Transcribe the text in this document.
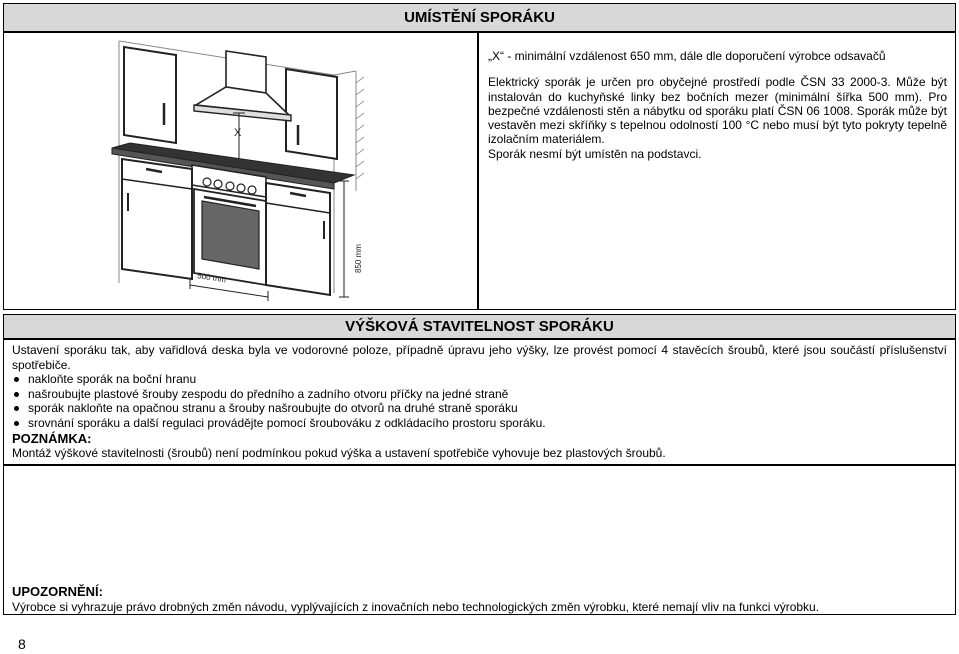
UMÍSTĚNÍ SPORÁKU
X
500 mm
850 mm

„X“ - minimální vzdálenost 650 mm, dále dle doporučení výrobce odsavačů

Elektrický sporák je určen pro obyčejné prostředí podle ČSN 33 2000-3. Může být instalován do kuchyňské linky bez bočních mezer (minimální šířka 500 mm). Pro bezpečné vzdálenosti stěn a nábytku od sporáku platí ČSN 06 1008. Sporák může být vestavěn mezi skříňky s tepelnou odolností 100 °C nebo musí být tyto pokryty tepelně izolačním materiálem.

Sporák nesmí být umístěn na podstavci.

VÝŠKOVÁ STAVITELNOST SPORÁKU

Ustavení sporáku tak, aby vařidlová deska byla ve vodorovné poloze, případně úpravu jeho výšky, lze provést pomocí 4 stavěcích šroubů, které jsou součástí příslušenství spotřebiče.

nakloňte sporák na boční hranu
našroubujte plastové šrouby zespodu do předního a zadního otvoru příčky na jedné straně
sporák nakloňte na opačnou stranu a šrouby našroubujte do otvorů na druhé straně sporáku
srovnání sporáku a další regulaci provádějte pomocí šroubováku z odkládacího prostoru sporáku.

POZNÁMKA:

Montáž výškové stavitelnosti (šroubů) není podmínkou pokud výška a ustavení spotřebiče vyhovuje bez plastových šroubů.

UPOZORNĚNÍ:
Výrobce si vyhrazuje právo drobných změn návodu, vyplývajících z inovačních nebo technologických změn výrobku, které nemají vliv na funkci výrobku.
8
